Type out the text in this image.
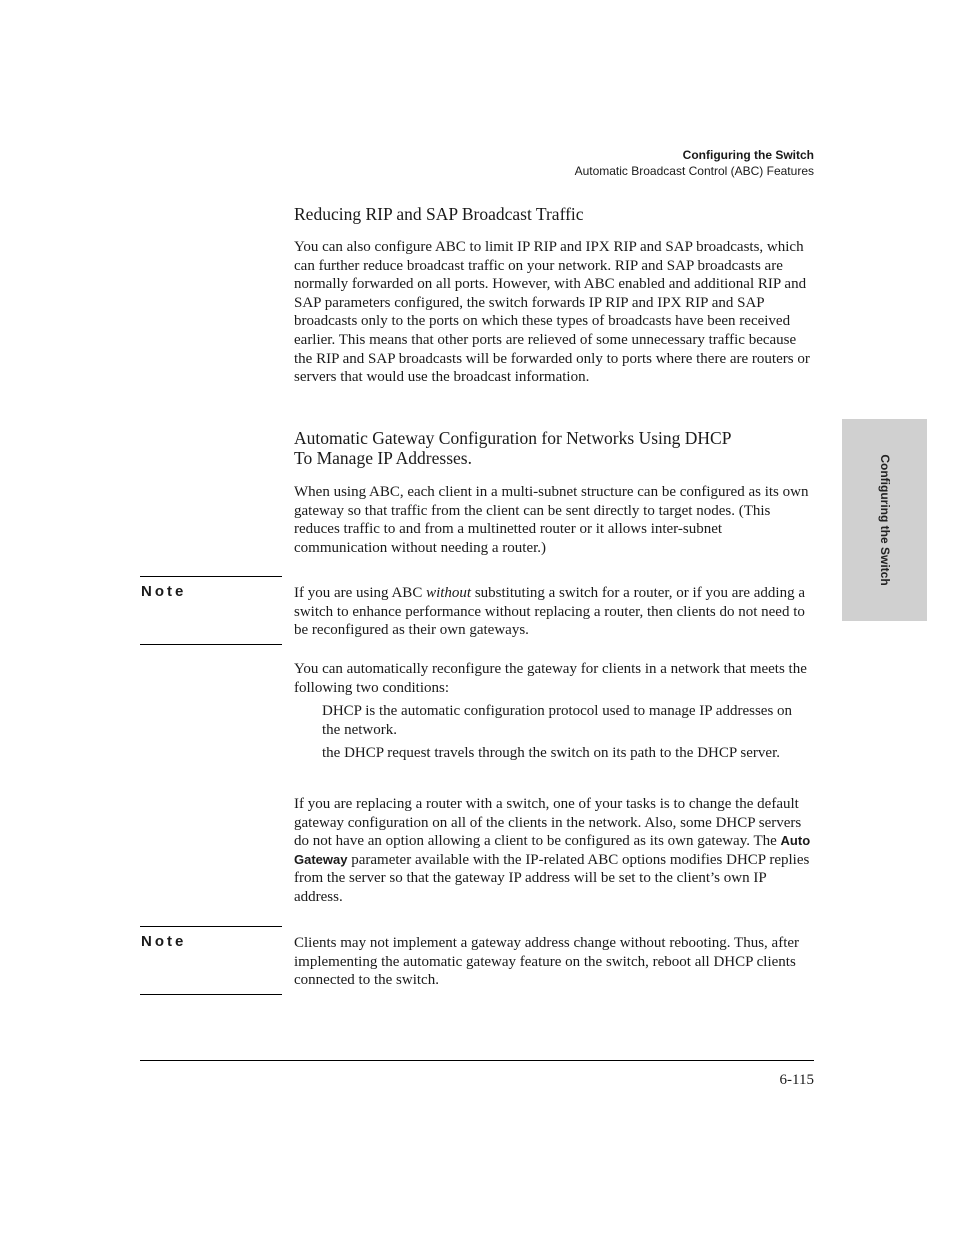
Configuring the Switch
Automatic Broadcast Control (ABC) Features
Configuring the Switch
Reducing RIP and SAP Broadcast Traffic
You can also configure ABC to limit IP RIP and IPX RIP and SAP broadcasts, which can further reduce broadcast traffic on your network. RIP and SAP broadcasts are normally forwarded on all ports. However, with ABC enabled and additional RIP and SAP parameters configured, the switch forwards IP RIP and IPX RIP and SAP broadcasts only to the ports on which these types of broadcasts have been received earlier. This means that other ports are relieved of some unnecessary traffic because the RIP and SAP broadcasts will be forwarded only to ports where there are routers or servers that would use the broadcast information.
Automatic Gateway Configuration for Networks Using DHCP
To Manage IP Addresses.
When using ABC, each client in a multi-subnet structure can be configured as its own gateway so that traffic from the client can be sent directly to target nodes. (This reduces traffic to and from a multinetted router or it allows inter-subnet communication without needing a router.)
Note	If you are using ABC without substituting a switch for a router, or if you are adding a switch to enhance performance without replacing a router, then clients do not need to be reconfigured as their own gateways.
You can automatically reconfigure the gateway for clients in a network that meets the following two conditions:
DHCP is the automatic configuration protocol used to manage IP addresses on the network.
the DHCP request travels through the switch on its path to the DHCP server.
If you are replacing a router with a switch, one of your tasks is to change the default gateway configuration on all of the clients in the network. Also, some DHCP servers do not have an option allowing a client to be configured as its own gateway. The Auto Gateway parameter available with the IP-related ABC options modifies DHCP replies from the server so that the gateway IP address will be set to the client’s own IP address.
Note	Clients may not implement a gateway address change without rebooting. Thus, after implementing the automatic gateway feature on the switch, reboot all DHCP clients connected to the switch.
6-115
